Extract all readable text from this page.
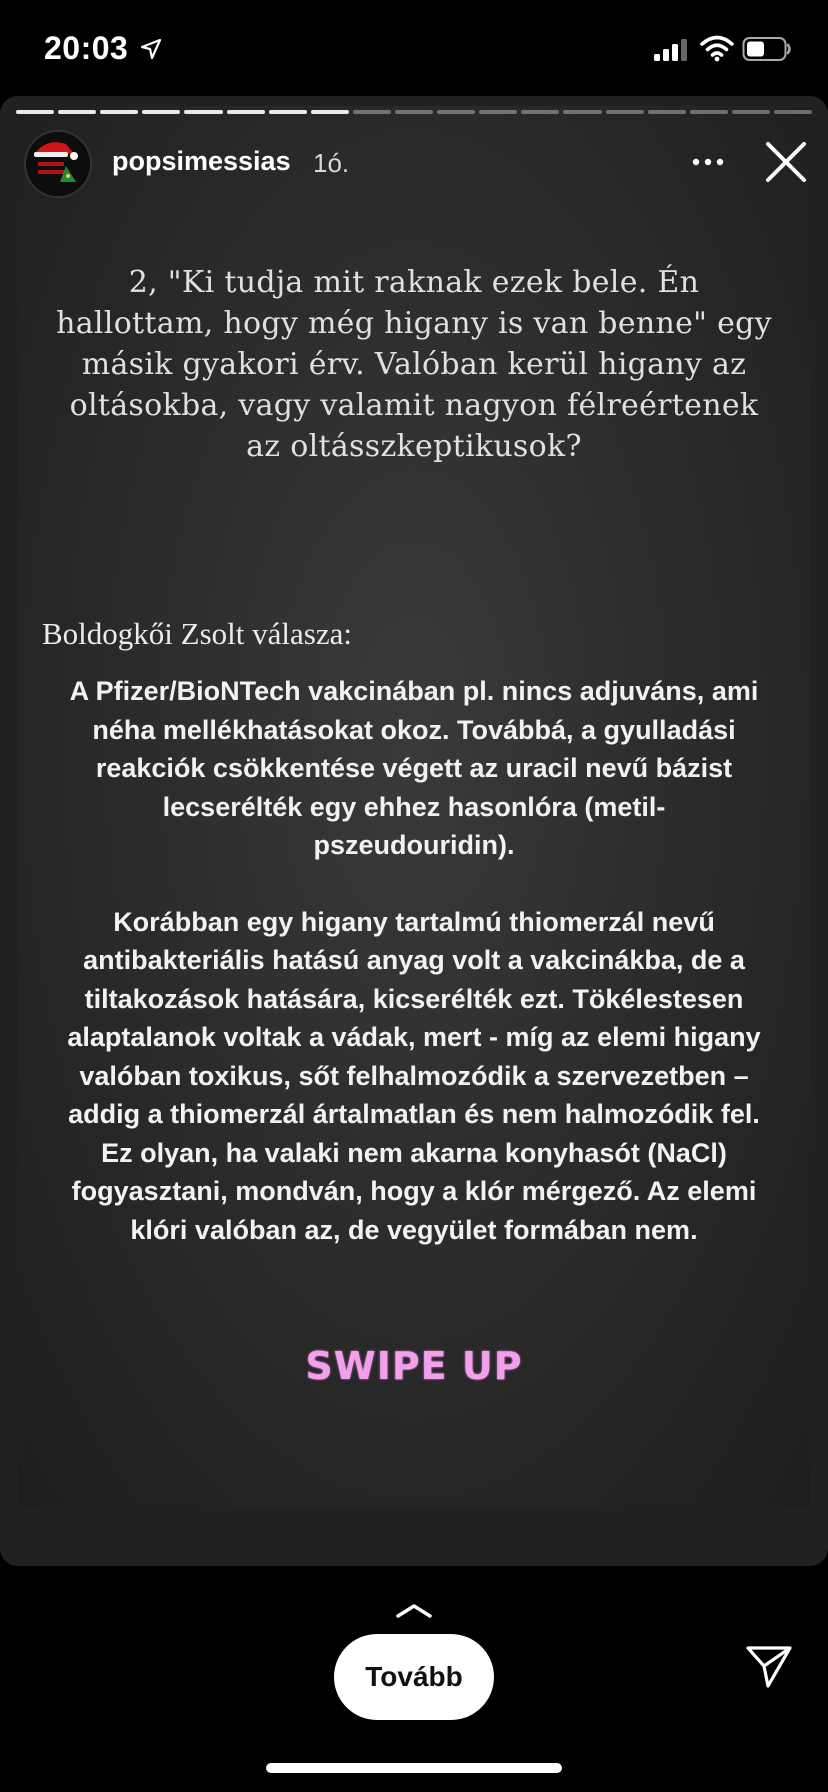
20:03
popsimessias 1ó.
2, "Ki tudja mit raknak ezek bele. Én hallottam, hogy még higany is van benne" egy másik gyakori érv. Valóban kerül higany az oltásokba, vagy valamit nagyon félreértenek az oltásszkeptikusok?
Boldogkői Zsolt válasza:

A Pfizer/BioNTech vakcinában pl. nincs adjuváns, ami néha mellékhatásokat okoz. Továbbá, a gyulladási reakciók csökkentése végett az uracil nevű bázist lecserélték egy ehhez hasonlóra (metil-pszeudouridin).

Korábban egy higany tartalmú thiomerzál nevű antibakteriális hatású anyag volt a vakcinákba, de a tiltakozások hatására, kicserélték ezt. Tökélestesen alaptalanok voltak a vádak, mert - míg az elemi higany valóban toxikus, sőt felhalmozódik a szervezetben – addig a thiomerzál ártalmatlan és nem halmozódik fel. Ez olyan, ha valaki nem akarna konyhasót (NaCl) fogyasztani, mondván, hogy a klór mérgező. Az elemi klóri valóban az, de vegyület formában nem.

SWIPE UP
Tovább
